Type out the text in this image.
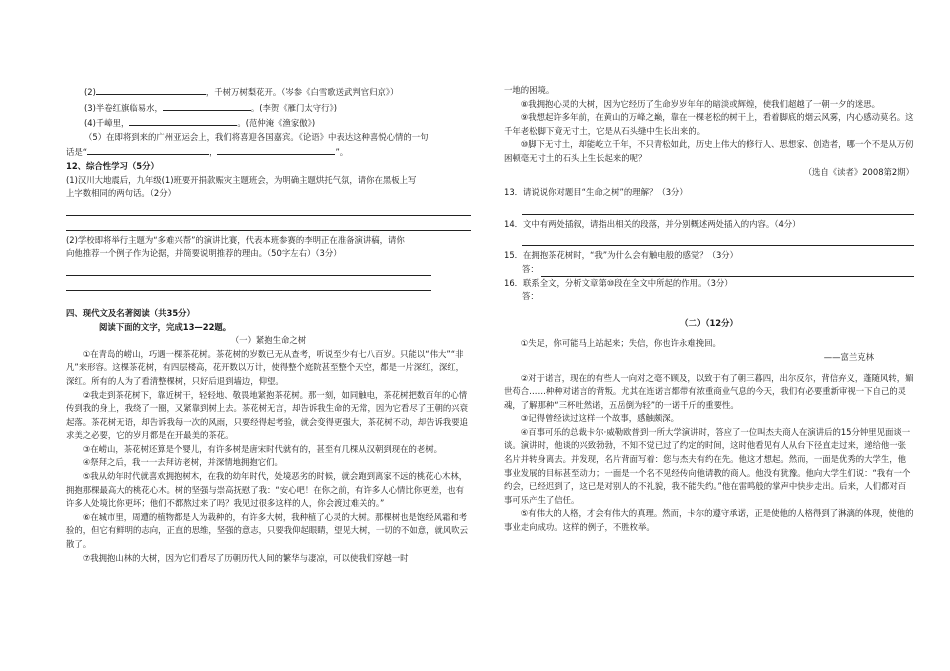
(2)	，千树万树梨花开。（岑参《白雪歌送武判官归京》）

(3)半卷红旗临易水，	。(李贺《雁门太守行》)

(4)千嶂里，	。(范仲淹《渔家傲》)

（5）在即将到来的广州亚运会上，我们将喜迎各国嘉宾。《论语》中表达这种喜悦心情的一句

话是“	，	”。

12、综合性学习（5分）

(1)汉川大地震后，九年级(1)班要开捐款赈灾主题班会，为明确主题烘托气氛，请你在黑板上写

上字数相同的两句话。（2分）

(2)学校即将举行主题为“多难兴帮”的演讲比赛，代表本班参赛的李明正在准备演讲稿，请你

向他推荐一个例子作为论据，并简要说明推荐的理由。（50字左右）（3分）

四、现代文及名著阅读（共35分）

阅读下面的文字，完成13—22题。

（一）紧抱生命之树

①在青岛的崂山，巧遇一棵茶花树。茶花树的岁数已无从查考，听说至少有七八百岁。只能以“伟大”“非凡”来形容。这棵茶花树，有四层楼高，花开数以万计，使得整个庭院甚至整个天空，都是一片深红，深红，深红。所有的人为了看清整棵树，只好后退到墙边，仰望。

②我走到茶花树下，靠近树干，轻轻地、敬畏地紧抱茶花树。那一刻，如同触电，茶花树把数百年的心情传到我的身上，我绕了一圈，又紧靠到树上去。茶花树无言，却告诉我生命的无常，因为它看尽了王朝的兴衰起落。茶花树无语，却告诉我每一次的风雨，只要经得起考验，就会变得更强大，茶花树不动，却告诉我要追求美之必要，它的岁月都是在开最美的茶花。

③在崂山，茶花树还算是个婴儿，有许多树是唐宋时代就有的，甚至有几棵从汉朝到现在的老树。

④祭拜之后，我一一去拜访老树，并深情地拥抱它们。

⑤我从幼年时代就喜欢拥抱树木，在我的幼年时代，处境恶劣的时候，就会跑到离家不远的桃花心木林，拥抱那棵最高大的桃花心木。树的坚强与崇高抚慰了我：“安心吧！在你之前，有许多人心情比你更差，也有许多人处境比你更坏；他们不都熬过来了吗？我见过很多这样的人，你会渡过难关的。”

⑥在城市里，周遭的植物都是人为栽种的，有许多大树，我种植了心灵的大树。那棵树也是饱经风霜和考验的，但它有鲜明的志向，正直的思维，坚强的意志，只要我仰起眼睛，望见大树，一切的不如意，就风吹云散了。

⑦我拥抱山林的大树，因为它们看尽了历朝历代人间的繁华与凄凉，可以使我们穿越一时

一地的困境。

⑧我拥抱心灵的大树，因为它经历了生命岁岁年年的暗淡或辉煌，使我们超越了一朝一夕的迷思。

⑨我想起许多年前，在黄山的万峰之巅，靠在一棵老松的树干上，看着脚底的烟云风雾，内心感动莫名。这千年老松脚下竟无寸土，它是从石头缝中生长出来的。

⑩脚下无寸土，却能屹立千年，不只青松如此，历史上伟大的修行人、思想家、创造者，哪一个不是从万仞困顿毫无寸土的石头上生长起来的呢？

（选自《读者》2008第2期）

13．请说说你对题目“生命之树”的理解？（3分）

14．文中有两处插叙，请指出相关的段落，并分别概述两处插入的内容。（4分）

15．在拥抱茶花树时，“我”为什么会有触电般的感觉？（3分）

答：

16．联系全文，分析文章第⑩段在全文中所起的作用。（3分）

答：

（二）（12分）

①失足，你可能马上站起来；失信，你也许永难挽回。

——富兰克林

②对于诺言，现在的有些人一向对之毫不顾及，以致于有了朝三暮四，出尔反尔，背信弃义，蓬随风转，媚世苟合……种种对诺言的背叛。尤其在连诺言都带有浓重商业气息的今天，我们有必要重新审视一下自己的灵魂，了解那种“三杯吐然诺，五岳倒为轻”的一诺千斤的重要性。

③记得曾经读过这样一个故事，感触颇深。

④百事可乐的总裁卡尔·威勒欧普到一所大学演讲时，答应了一位叫杰夫商人在演讲后的15分钟里见面谈一谈。演讲时，他谈的兴致勃勃，不知不觉已过了约定的时间，这时他看见有人从台下径直走过来，递给他一张名片并转身离去。并发现，名片背面写着：您与杰夫有约在先。他这才想起。然而，一面是优秀的大学生，他事业发展的目标甚至动力；一面是一个名不见经传向他请教的商人。他没有犹豫。他向大学生们说：“我有一个约会，已经迟到了，这已是对别人的不礼貌，我不能失约。”他在雷鸣般的掌声中快步走出。后来，人们都对百事可乐产生了信任。

⑤有伟大的人格，才会有伟大的真理。然而，卡尔的遵守承诺，正是使他的人格得到了淋漓的体现，使他的事业走向成功。这样的例子，不胜枚举。
